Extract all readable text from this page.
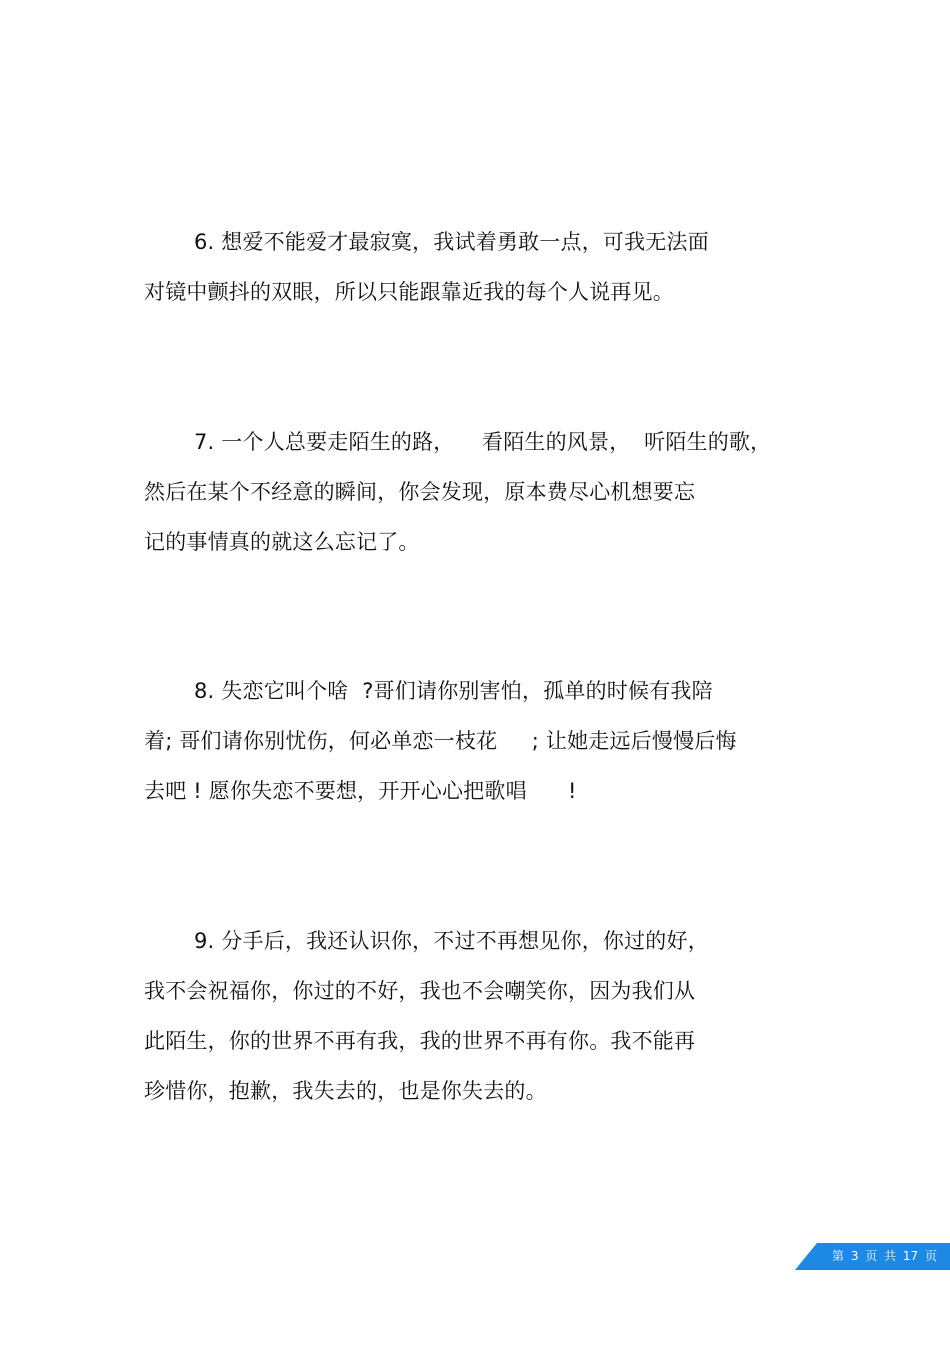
6. 想爱不能爱才最寂寞，我试着勇敢一点，可我无法面
对镜中颤抖的双眼，所以只能跟靠近我的每个人说再见。
7. 一个人总要走陌生的路，    看陌生的风景，  听陌生的歌，
然后在某个不经意的瞬间，你会发现，原本费尽心机想要忘
记的事情真的就这么忘记了。
8. 失恋它叫个啥  ?哥们请你别害怕，孤单的时候有我陪
着; 哥们请你别忧伤，何必单恋一枝花     ; 让她走远后慢慢后悔
去吧 ! 愿你失恋不要想，开开心心把歌唱      !
9. 分手后，我还认识你，不过不再想见你，你过的好，
我不会祝福你，你过的不好，我也不会嘲笑你，因为我们从
此陌生，你的世界不再有我，我的世界不再有你。我不能再
珍惜你，抱歉，我失去的，也是你失去的。
第 3 页 共 17 页
